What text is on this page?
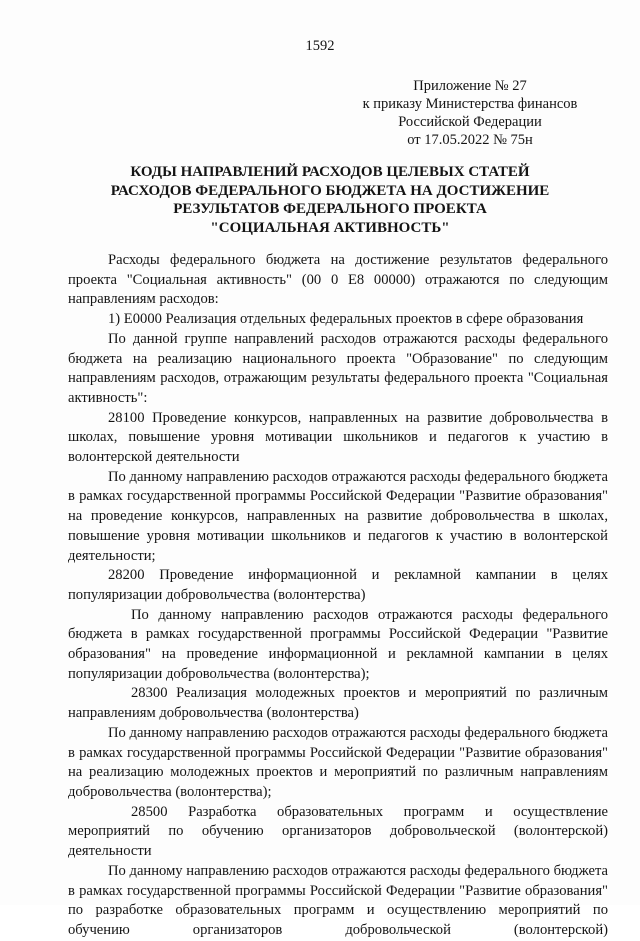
1592
Приложение № 27
к приказу Министерства финансов
Российской Федерации
от 17.05.2022 № 75н
КОДЫ НАПРАВЛЕНИЙ РАСХОДОВ ЦЕЛЕВЫХ СТАТЕЙ
РАСХОДОВ ФЕДЕРАЛЬНОГО БЮДЖЕТА НА ДОСТИЖЕНИЕ
РЕЗУЛЬТАТОВ ФЕДЕРАЛЬНОГО ПРОЕКТА
"СОЦИАЛЬНАЯ АКТИВНОСТЬ"

Расходы федерального бюджета на достижение результатов федерального проекта "Социальная активность" (00 0 Е8 00000) отражаются по следующим направлениям расходов:

1) Е0000 Реализация отдельных федеральных проектов в сфере образования

По данной группе направлений расходов отражаются расходы федерального бюджета на реализацию национального проекта "Образование" по следующим направлениям расходов, отражающим результаты федерального проекта "Социальная активность":

28100 Проведение конкурсов, направленных на развитие добровольчества в школах, повышение уровня мотивации школьников и педагогов к участию в волонтерской деятельности

По данному направлению расходов отражаются расходы федерального бюджета в рамках государственной программы Российской Федерации "Развитие образования" на проведение конкурсов, направленных на развитие добровольчества в школах, повышение уровня мотивации школьников и педагогов к участию в волонтерской деятельности;

28200 Проведение информационной и рекламной кампании в целях популяризации добровольчества (волонтерства)

По данному направлению расходов отражаются расходы федерального бюджета в рамках государственной программы Российской Федерации "Развитие образования" на проведение информационной и рекламной кампании в целях популяризации добровольчества (волонтерства);

28300 Реализация молодежных проектов и мероприятий по различным направлениям добровольчества (волонтерства)

По данному направлению расходов отражаются расходы федерального бюджета в рамках государственной программы Российской Федерации "Развитие образования" на реализацию молодежных проектов и мероприятий по различным направлениям добровольчества (волонтерства);

28500 Разработка образовательных программ и осуществление мероприятий по обучению организаторов добровольческой (волонтерской) деятельности

По данному направлению расходов отражаются расходы федерального бюджета в рамках государственной программы Российской Федерации "Развитие образования" по разработке образовательных программ и осуществлению мероприятий по обучению организаторов добровольческой (волонтерской)
